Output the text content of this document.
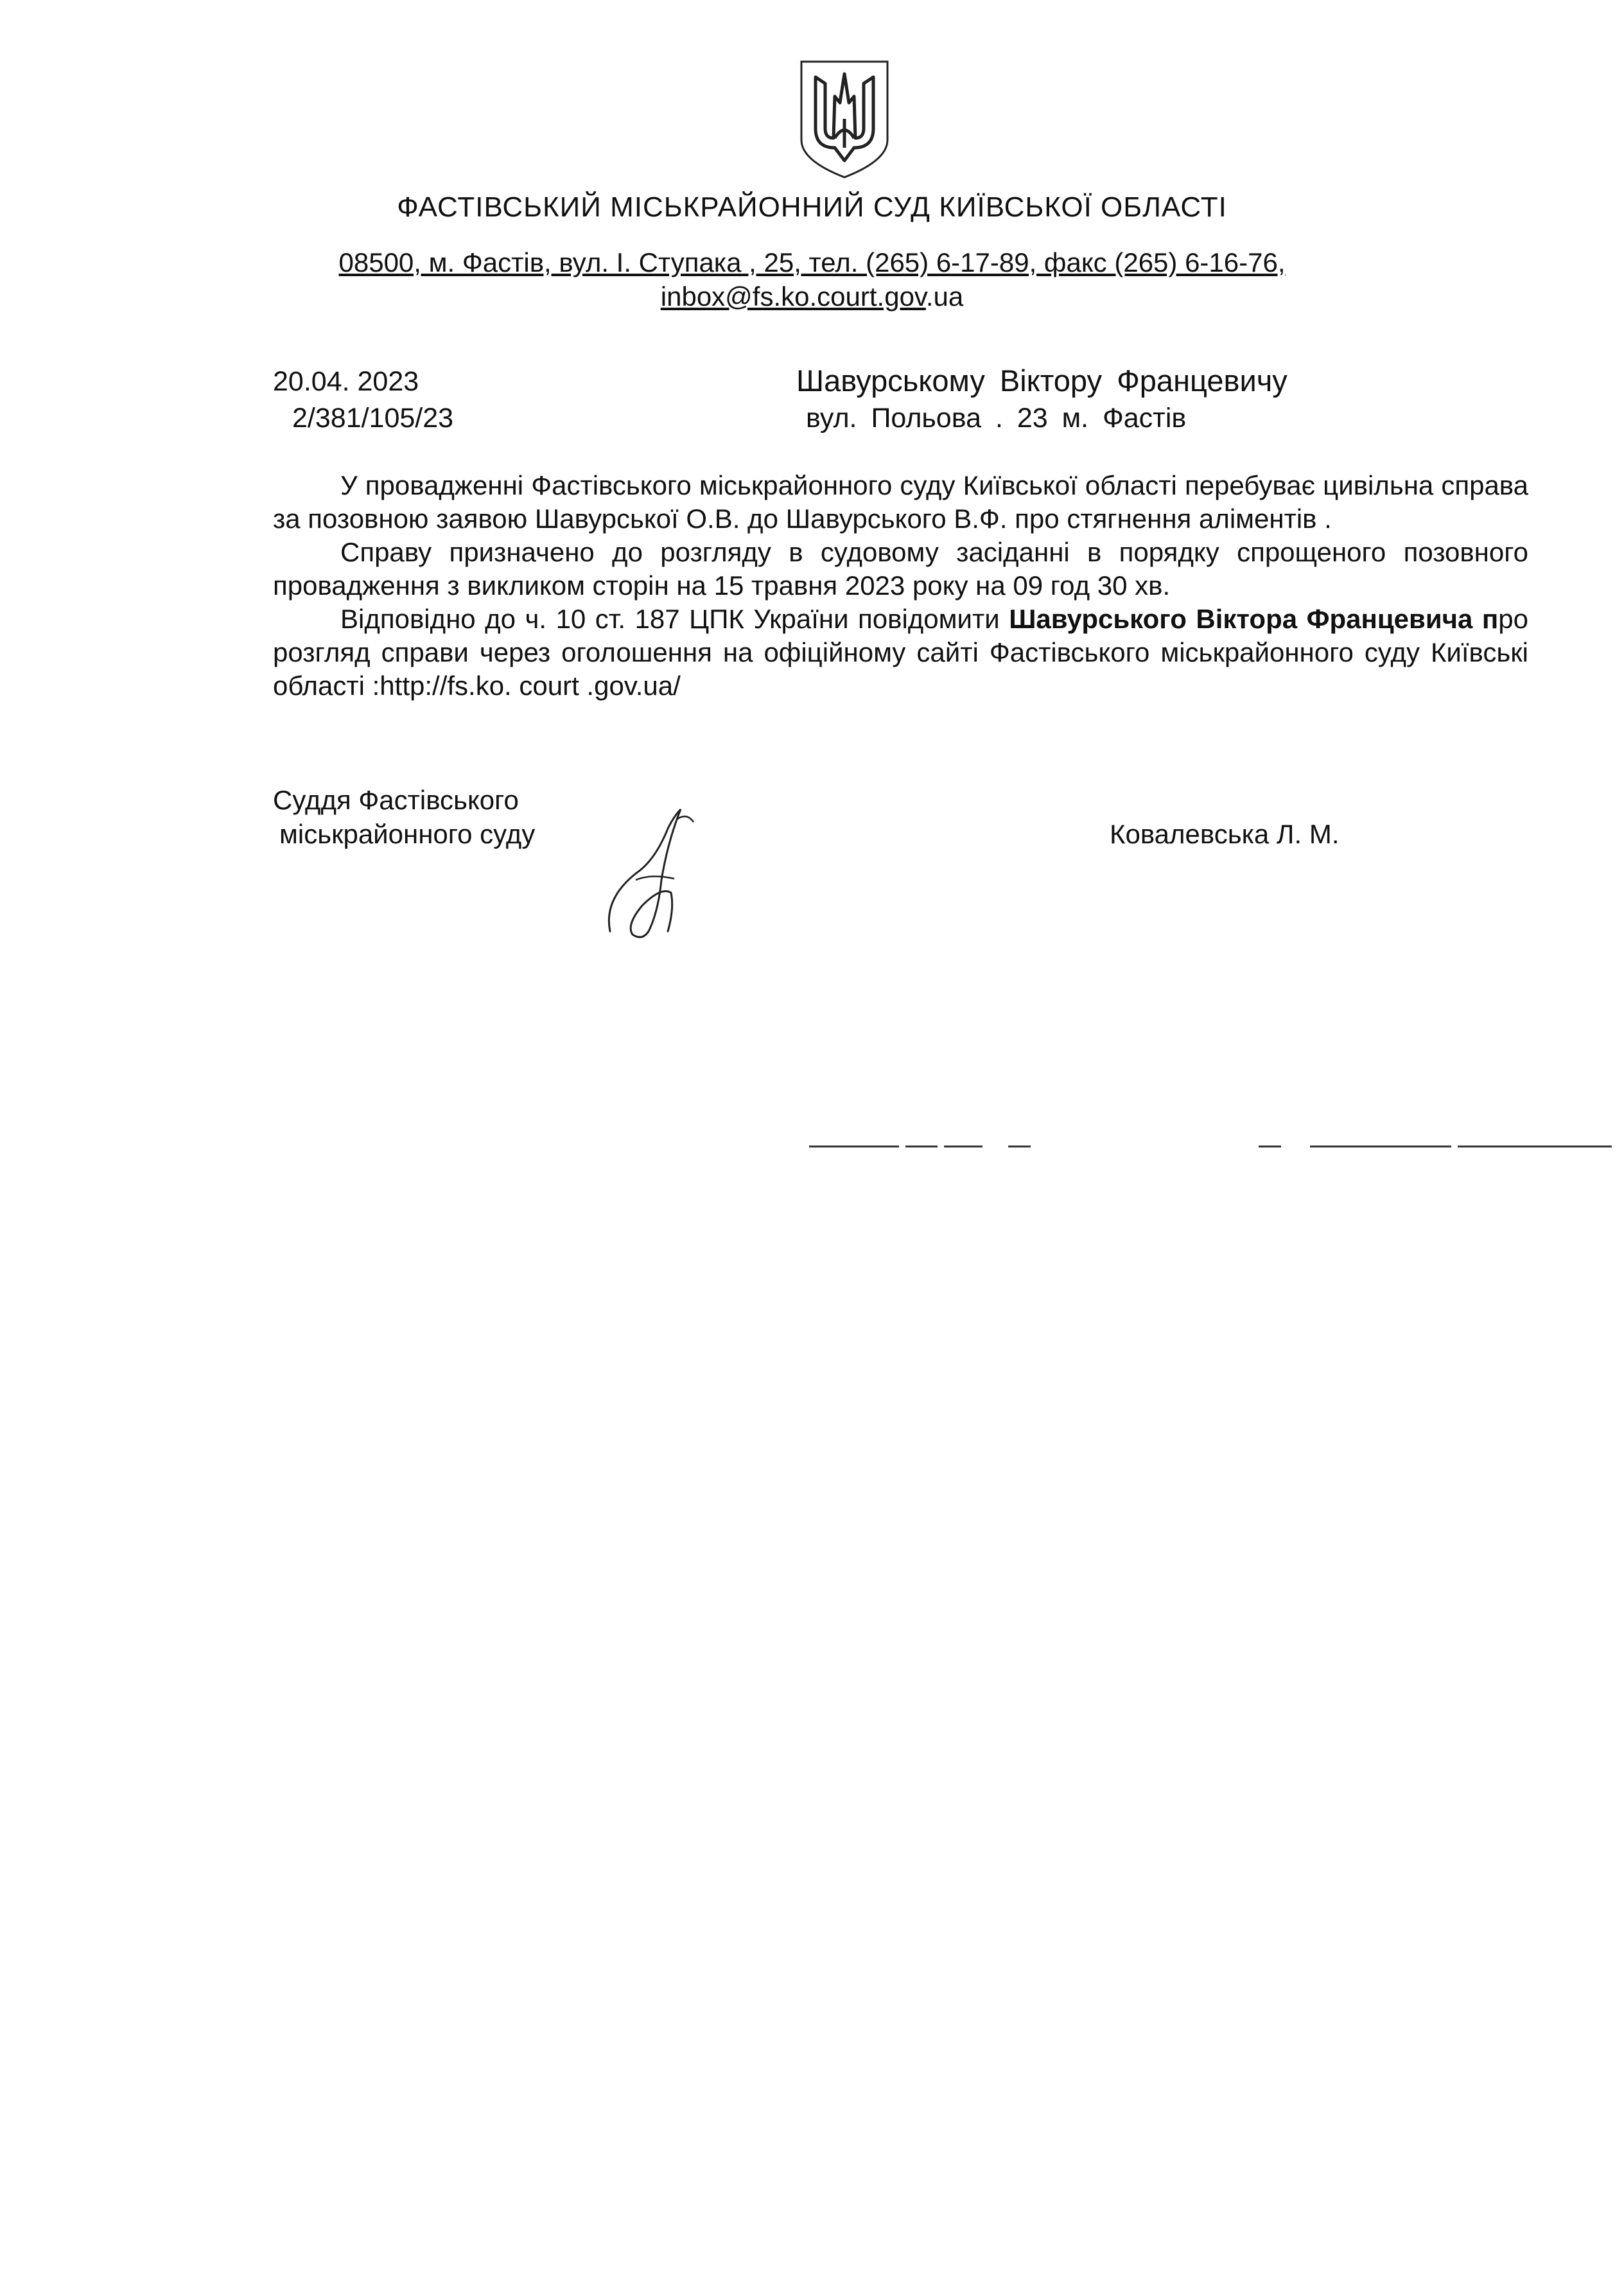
ФАСТІВСЬКИЙ МІСЬКРАЙОННИЙ СУД КИЇВСЬКОЇ ОБЛАСТІ
08500, м. Фастів, вул. І. Ступака , 25, тел. (265) 6-17-89, факс (265) 6-16-76,
inbox@fs.ko.court.gov.ua
20.04. 2023
2/381/105/23
Шавурському Віктору Францевичу
вул. Польова . 23 м. Фастів

У провадженні Фастівського міськрайонного суду Київської області перебуває цивільна справа за позовною заявою Шавурської О.В. до Шавурського В.Ф. про стягнення аліментів .

Справу призначено до розгляду в судовому засіданні в порядку спрощеного позовного провадження з викликом сторін на 15 травня 2023 року на 09 год 30 хв.

Відповідно до ч. 10 ст. 187 ЦПК України повідомити Шавурського Віктора Францевича про розгляд справи через оголошення на офіційному сайті Фастівського міськрайонного суду Київські області :http://fs.ko. court .gov.ua/

Суддя Фастівського
міськрайонного суду	Ковалевська Л. М.
